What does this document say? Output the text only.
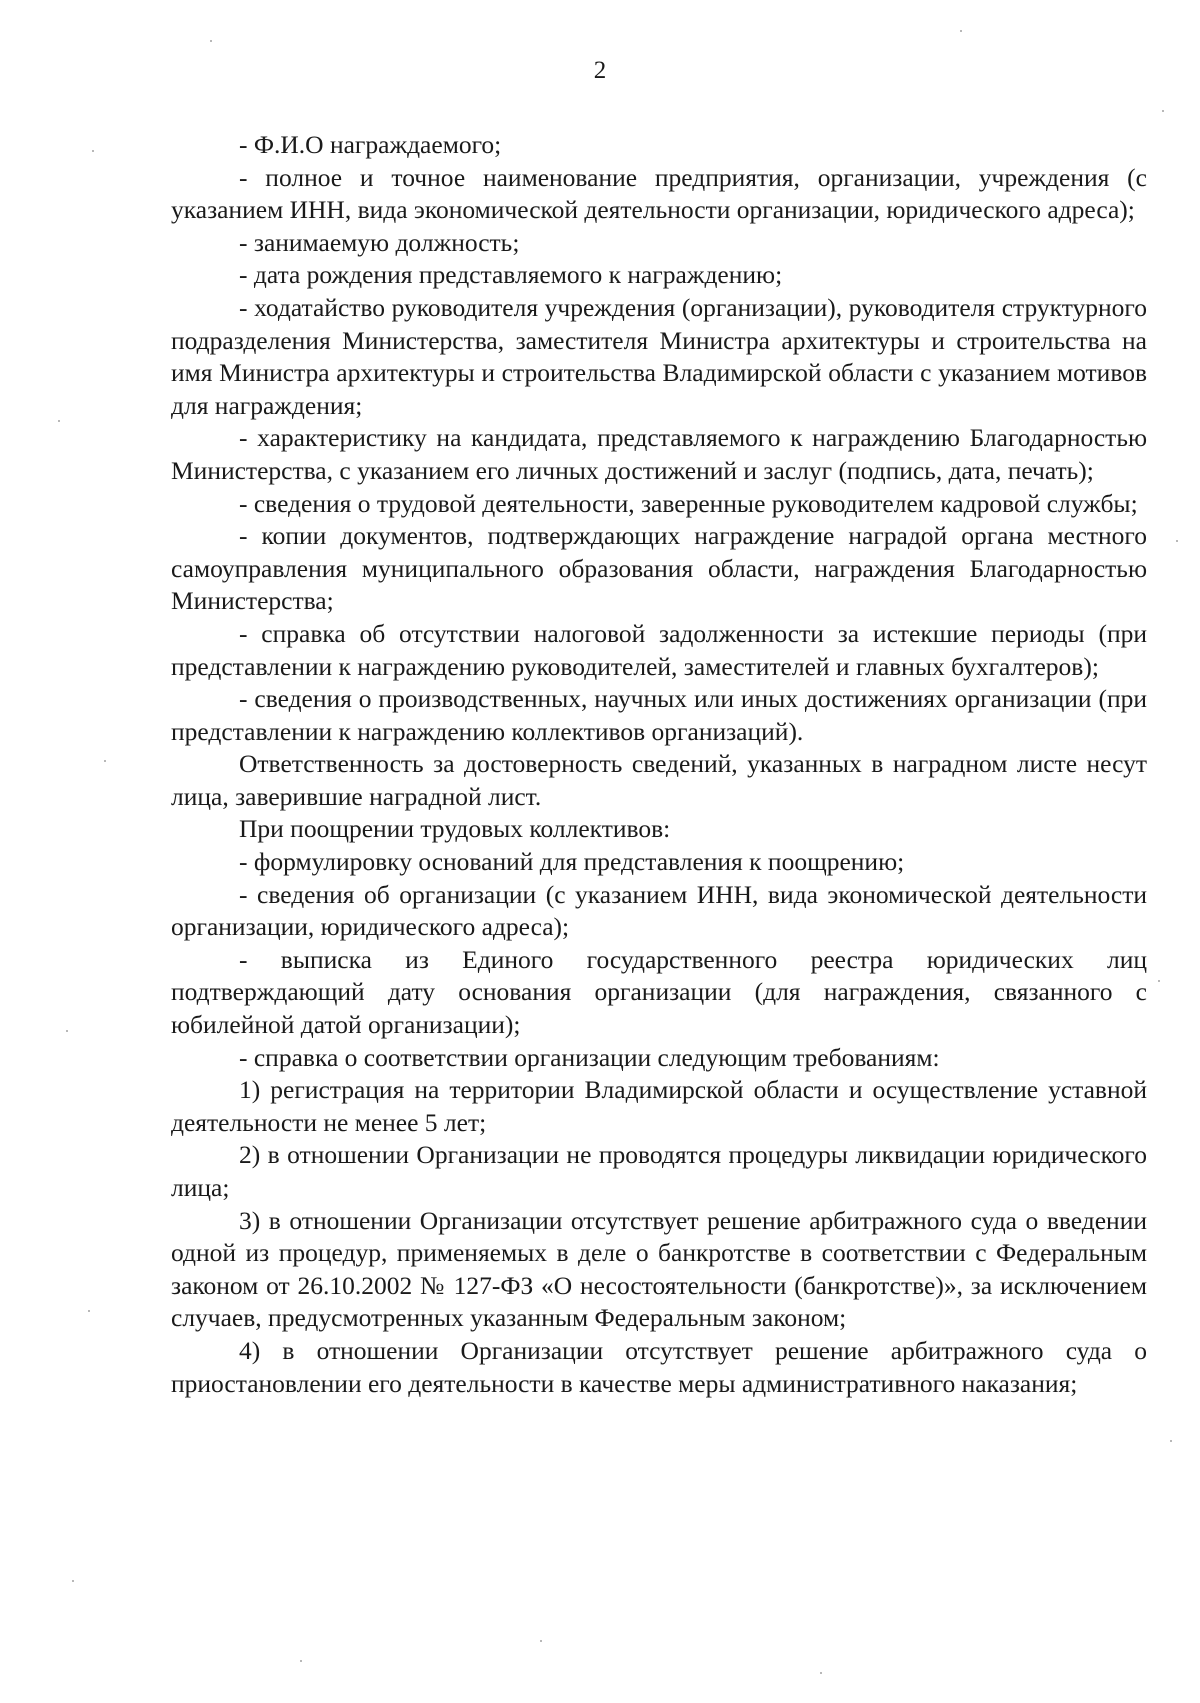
2

- Ф.И.О награждаемого;

- полное и точное наименование предприятия, организации, учреждения (с указанием ИНН, вида экономической деятельности организации, юридического адреса);

- занимаемую должность;

- дата рождения представляемого к награждению;

- ходатайство руководителя учреждения (организации), руководителя структурного подразделения Министерства, заместителя Министра архитектуры и строительства на имя Министра архитектуры и строительства Владимирской области с указанием мотивов для награждения;

- характеристику на кандидата, представляемого к награждению Благодарностью Министерства, с указанием его личных достижений и заслуг (подпись, дата, печать);

- сведения о трудовой деятельности, заверенные руководителем кадровой службы;

- копии документов, подтверждающих награждение наградой органа местного самоуправления муниципального образования области, награждения Благодарностью Министерства;

- справка об отсутствии налоговой задолженности за истекшие периоды (при представлении к награждению руководителей, заместителей и главных бухгалтеров);

- сведения о производственных, научных или иных достижениях организации (при представлении к награждению коллективов организаций).

Ответственность за достоверность сведений, указанных в наградном листе несут лица, заверившие наградной лист.

При поощрении трудовых коллективов:

- формулировку оснований для представления к поощрению;

- сведения об организации (с указанием ИНН, вида экономической деятельности организации, юридического адреса);

- выписка из Единого государственного реестра юридических лиц подтверждающий дату основания организации (для награждения, связанного с юбилейной датой организации);

- справка о соответствии организации следующим требованиям:

1) регистрация на территории Владимирской области и осуществление уставной деятельности не менее 5 лет;

2) в отношении Организации не проводятся процедуры ликвидации юридического лица;

3) в отношении Организации отсутствует решение арбитражного суда о введении одной из процедур, применяемых в деле о банкротстве в соответствии с Федеральным законом от 26.10.2002 № 127-ФЗ «О несостоятельности (банкротстве)», за исключением случаев, предусмотренных указанным Федеральным законом;

4) в отношении Организации отсутствует решение арбитражного суда о приостановлении его деятельности в качестве меры административного наказания;
